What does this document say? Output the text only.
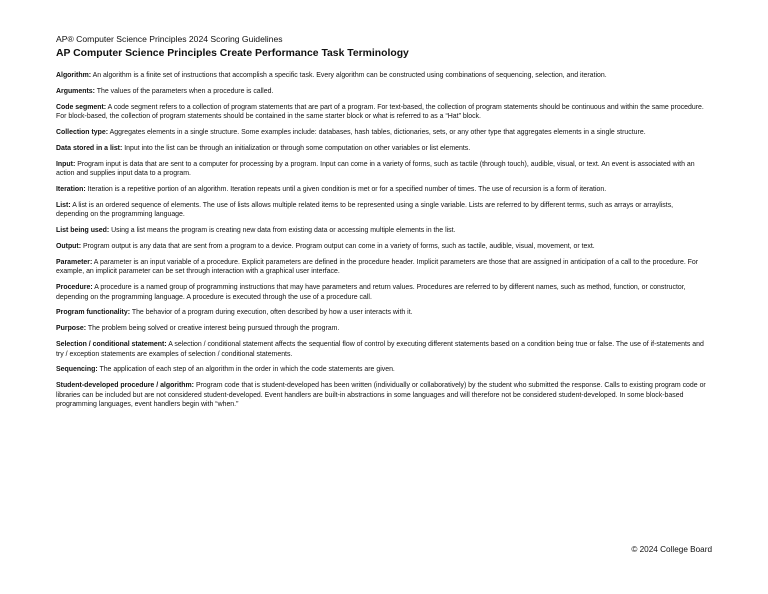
AP® Computer Science Principles 2024 Scoring Guidelines
AP Computer Science Principles Create Performance Task Terminology

Algorithm: An algorithm is a finite set of instructions that accomplish a specific task. Every algorithm can be constructed using combinations of sequencing, selection, and iteration.

Arguments: The values of the parameters when a procedure is called.

Code segment: A code segment refers to a collection of program statements that are part of a program. For text-based, the collection of program statements should be continuous and within the same procedure. For block-based, the collection of program statements should be contained in the same starter block or what is referred to as a “Hat” block.

Collection type: Aggregates elements in a single structure. Some examples include: databases, hash tables, dictionaries, sets, or any other type that aggregates elements in a single structure.

Data stored in a list: Input into the list can be through an initialization or through some computation on other variables or list elements.

Input: Program input is data that are sent to a computer for processing by a program. Input can come in a variety of forms, such as tactile (through touch), audible, visual, or text. An event is associated with an action and supplies input data to a program.

Iteration: Iteration is a repetitive portion of an algorithm. Iteration repeats until a given condition is met or for a specified number of times. The use of recursion is a form of iteration.

List: A list is an ordered sequence of elements. The use of lists allows multiple related items to be represented using a single variable. Lists are referred to by different terms, such as arrays or arraylists, depending on the programming language.

List being used: Using a list means the program is creating new data from existing data or accessing multiple elements in the list.

Output: Program output is any data that are sent from a program to a device. Program output can come in a variety of forms, such as tactile, audible, visual, movement, or text.

Parameter: A parameter is an input variable of a procedure. Explicit parameters are defined in the procedure header. Implicit parameters are those that are assigned in anticipation of a call to the procedure. For example, an implicit parameter can be set through interaction with a graphical user interface.

Procedure: A procedure is a named group of programming instructions that may have parameters and return values. Procedures are referred to by different names, such as method, function, or constructor, depending on the programming language. A procedure is executed through the use of a procedure call.

Program functionality: The behavior of a program during execution, often described by how a user interacts with it.

Purpose: The problem being solved or creative interest being pursued through the program.

Selection / conditional statement: A selection / conditional statement affects the sequential flow of control by executing different statements based on a condition being true or false. The use of if-statements and try / exception statements are examples of selection / conditional statements.

Sequencing: The application of each step of an algorithm in the order in which the code statements are given.

Student-developed procedure / algorithm: Program code that is student-developed has been written (individually or collaboratively) by the student who submitted the response. Calls to existing program code or libraries can be included but are not considered student-developed. Event handlers are built-in abstractions in some languages and will therefore not be considered student-developed. In some block-based programming languages, event handlers begin with “when.”

© 2024 College Board
